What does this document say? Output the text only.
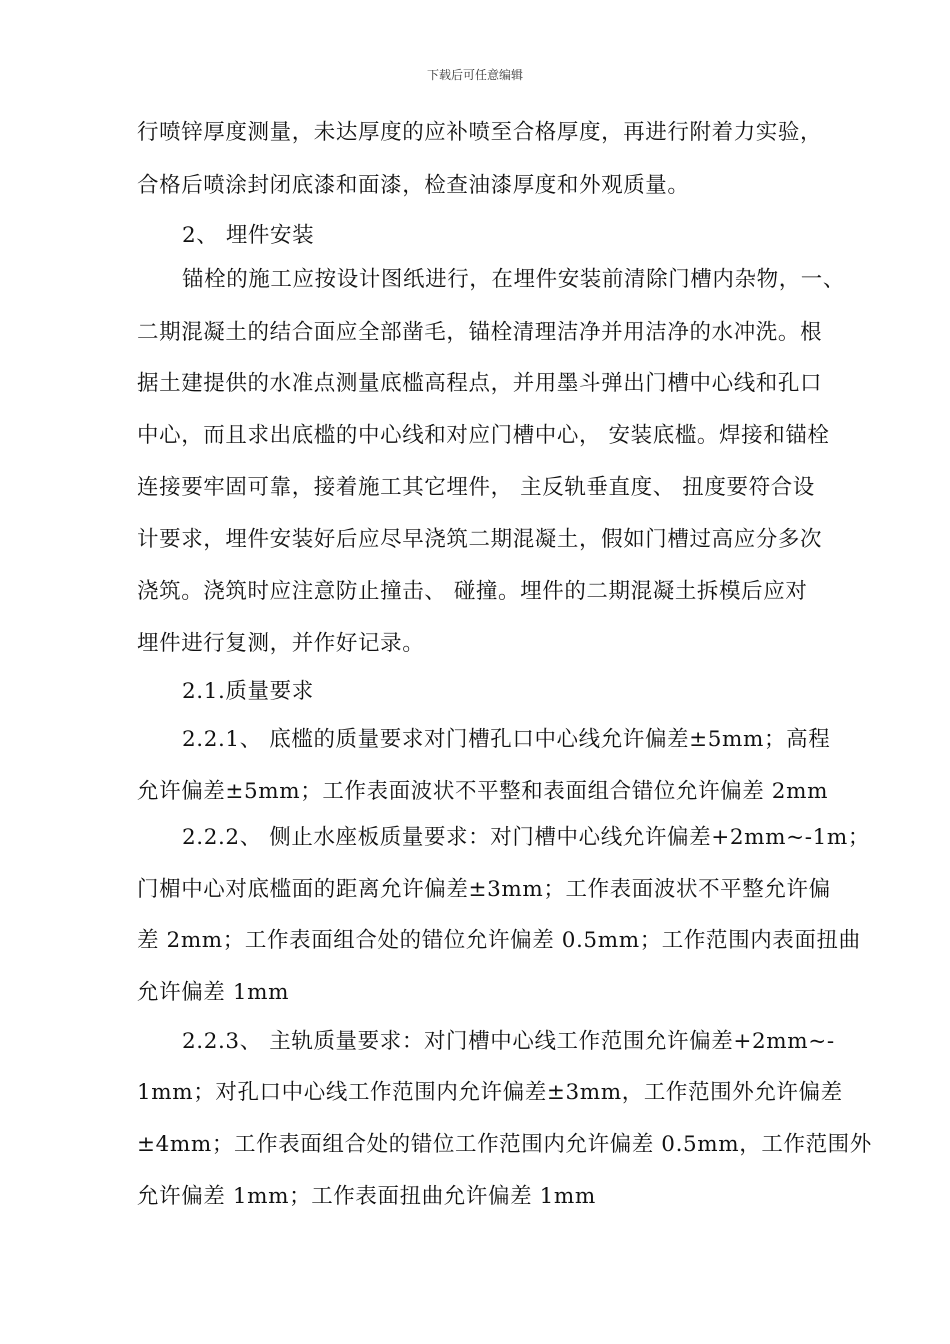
下载后可任意编辑
行喷锌厚度测量，未达厚度的应补喷至合格厚度，再进行附着力实验，
合格后喷涂封闭底漆和面漆，检查油漆厚度和外观质量。
2、 埋件安装
锚栓的施工应按设计图纸进行，在埋件安装前清除门槽内杂物，一、
二期混凝土的结合面应全部凿毛，锚栓清理洁净并用洁净的水冲洗。根
据土建提供的水准点测量底槛高程点，并用墨斗弹出门槽中心线和孔口
中心，而且求出底槛的中心线和对应门槽中心， 安装底槛。焊接和锚栓
连接要牢固可靠，接着施工其它埋件， 主反轨垂直度、 扭度要符合设
计要求，埋件安装好后应尽早浇筑二期混凝土，假如门槽过高应分多次
浇筑。浇筑时应注意防止撞击、 碰撞。埋件的二期混凝土拆模后应对
埋件进行复测，并作好记录。
2.1.质量要求
2.2.1、 底槛的质量要求对门槽孔口中心线允许偏差±5mm；高程
允许偏差±5mm；工作表面波状不平整和表面组合错位允许偏差 2mm
2.2.2、 侧止水座板质量要求：对门槽中心线允许偏差+2mm~-1m；
门楣中心对底槛面的距离允许偏差±3mm；工作表面波状不平整允许偏
差 2mm；工作表面组合处的错位允许偏差 0.5mm；工作范围内表面扭曲
允许偏差 1mm
2.2.3、 主轨质量要求：对门槽中心线工作范围允许偏差+2mm~-
1mm；对孔口中心线工作范围内允许偏差±3mm，工作范围外允许偏差
±4mm；工作表面组合处的错位工作范围内允许偏差 0.5mm，工作范围外
允许偏差 1mm；工作表面扭曲允许偏差 1mm
